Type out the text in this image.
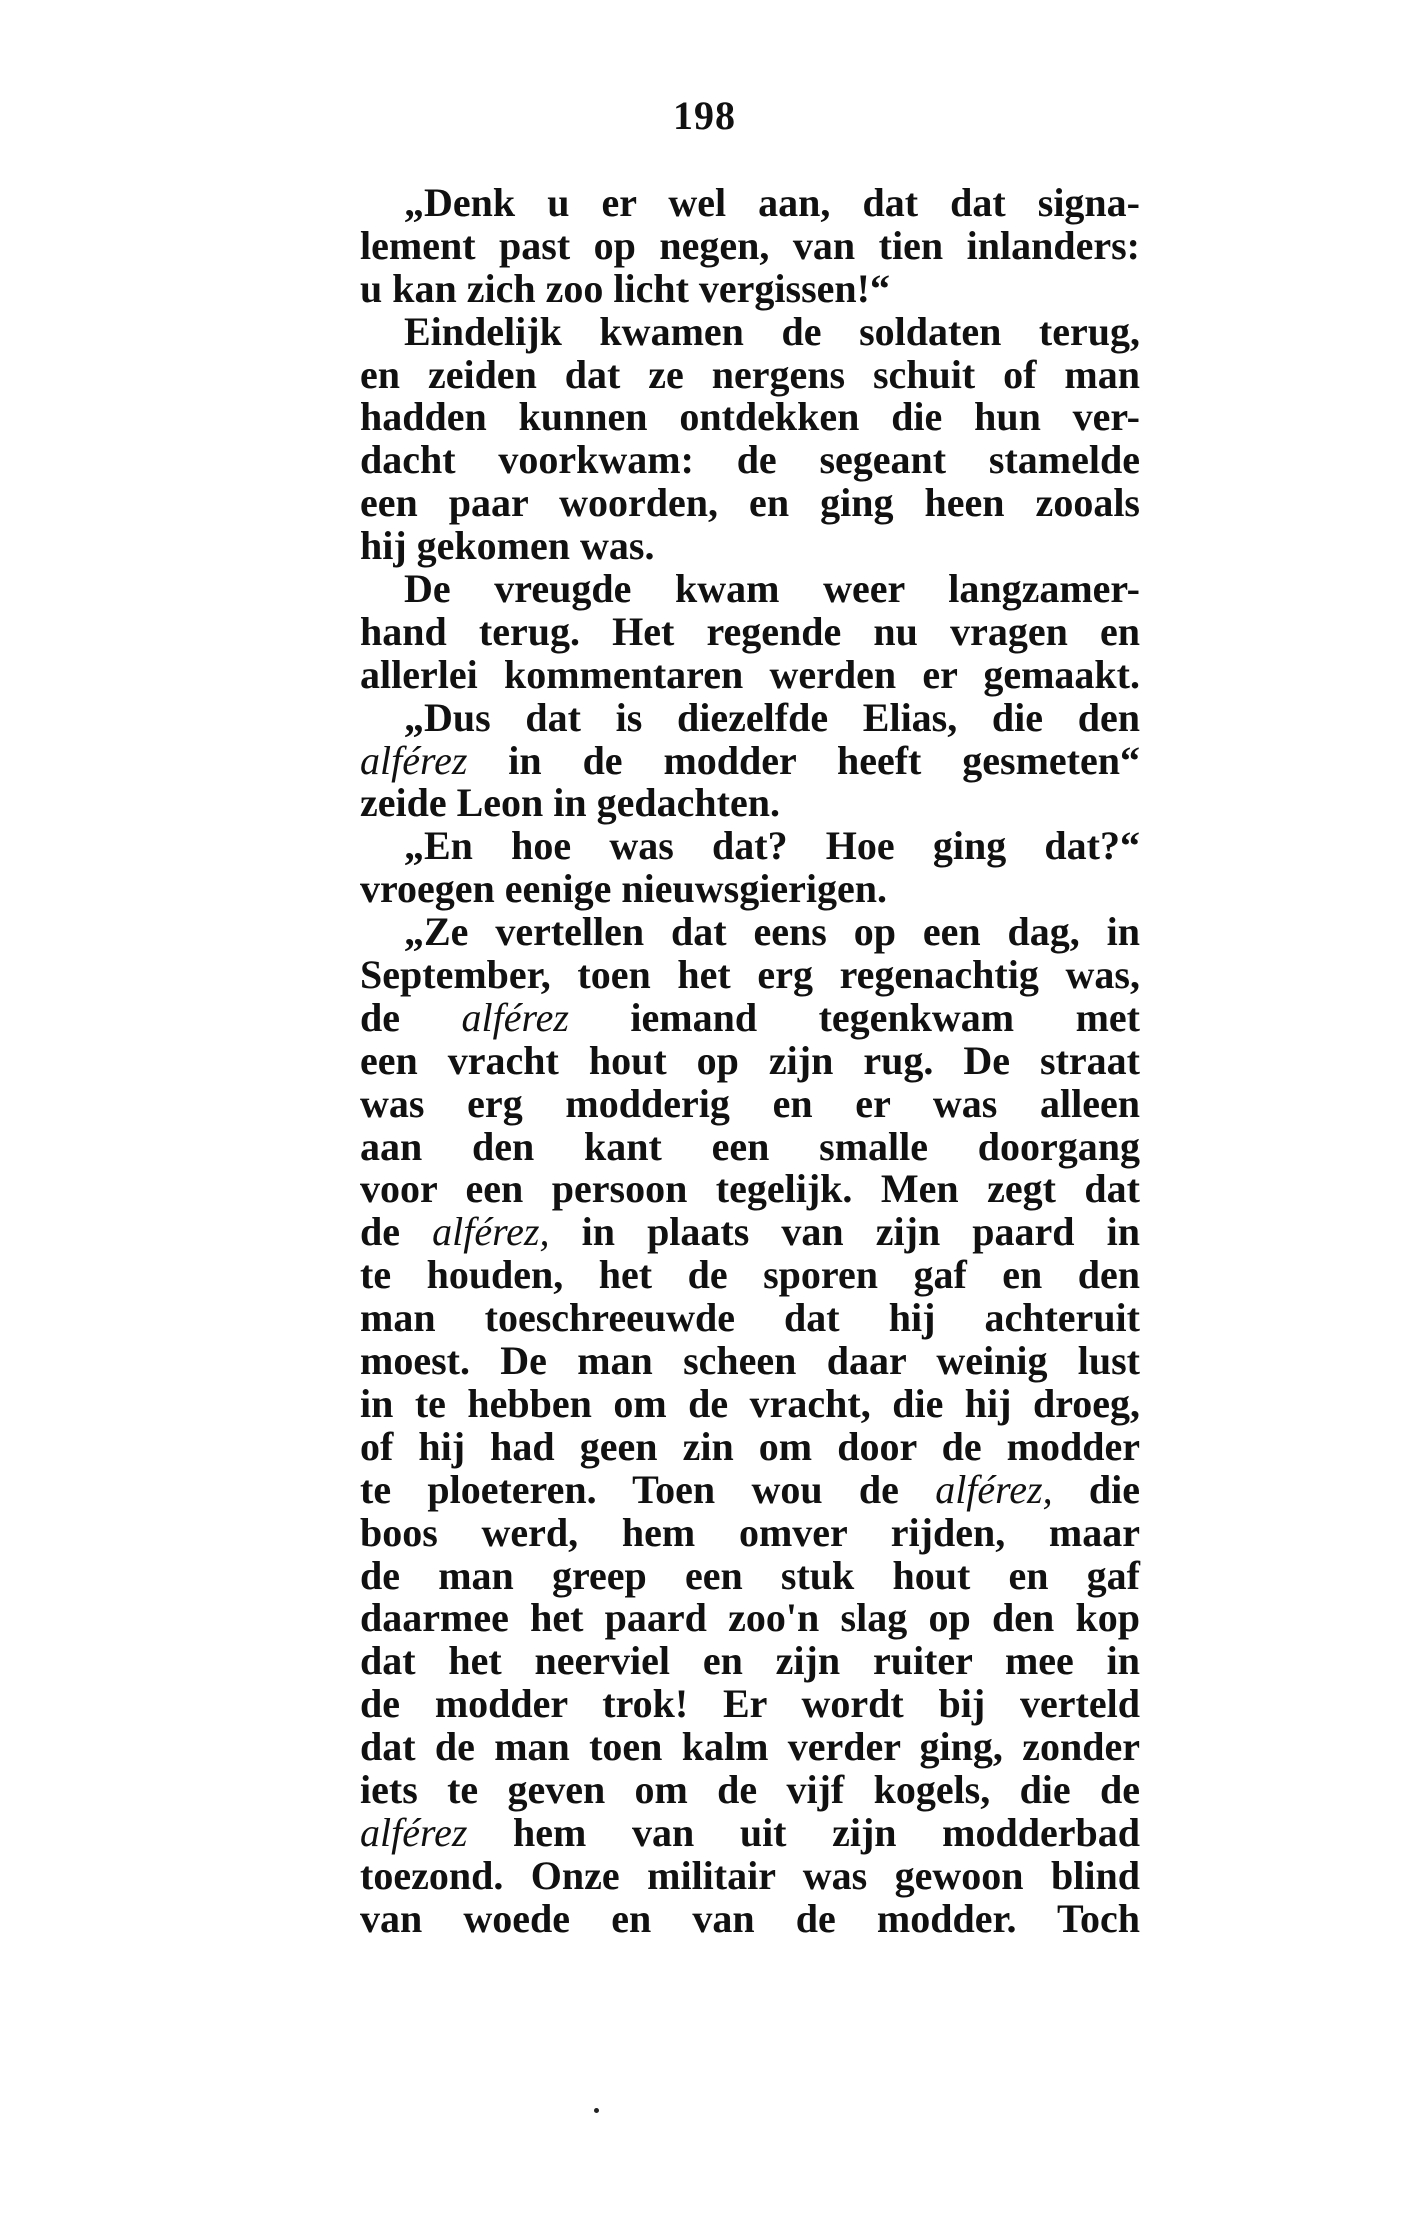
198
„Denk u er wel aan, dat dat signa-
lement past op negen, van tien inlanders:
u kan zich zoo licht vergissen!“
Eindelijk kwamen de soldaten terug,
en zeiden dat ze nergens schuit of man
hadden kunnen ontdekken die hun ver-
dacht voorkwam: de segeant stamelde
een paar woorden, en ging heen zooals
hij gekomen was.
De vreugde kwam weer langzamer-
hand terug. Het regende nu vragen en
allerlei kommentaren werden er gemaakt.
„Dus dat is diezelfde Elias, die den
alférez in de modder heeft gesmeten“
zeide Leon in gedachten.
„En hoe was dat? Hoe ging dat?“
vroegen eenige nieuwsgierigen.
„Ze vertellen dat eens op een dag, in
September, toen het erg regenachtig was,
de alférez iemand tegenkwam met
een vracht hout op zijn rug. De straat
was erg modderig en er was alleen
aan den kant een smalle doorgang
voor een persoon tegelijk. Men zegt dat
de alférez, in plaats van zijn paard in
te houden, het de sporen gaf en den
man toeschreeuwde dat hij achteruit
moest. De man scheen daar weinig lust
in te hebben om de vracht, die hij droeg,
of hij had geen zin om door de modder
te ploeteren. Toen wou de alférez, die
boos werd, hem omver rijden, maar
de man greep een stuk hout en gaf
daarmee het paard zoo'n slag op den kop
dat het neerviel en zijn ruiter mee in
de modder trok! Er wordt bij verteld
dat de man toen kalm verder ging, zonder
iets te geven om de vijf kogels, die de
alférez hem van uit zijn modderbad
toezond. Onze militair was gewoon blind
van woede en van de modder. Toch
